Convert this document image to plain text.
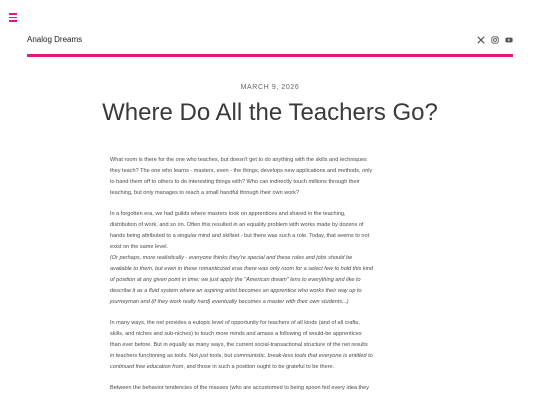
Analog Dreams
MARCH 9, 2026
Where Do All the Teachers Go?

What room is there for the one who teaches, but doesn't get to do anything with the skills and techniques
they teach? The one who learns - masters, even - the things, develops new applications and methods, only
to hand them off to others to do interesting things with? Who can indirectly touch millions through their
teaching, but only manages to reach a small handful through their own work?

In a forgotten era, we had guilds where masters took on apprentices and shared in the teaching,
distribution of work, and so on. Often this resulted in an equality problem with works made by dozens of
hands being attributed to a singular mind and skillset - but there was such a role. Today, that seems to not
exist on the same level.
(Or perhaps, more realistically - everyone thinks they're special and these roles and jobs should be
available to them, but even in these romanticized eras there was only room for a select few to hold this kind
of position at any given point in time; we just apply the "American dream" lens to everything and like to
describe it as a fluid system where an aspiring artist becomes an apprentice who works their way up to
journeyman and (if they work really hard) eventually becomes a master with their own students...)

In many ways, the net provides a eutopic level of opportunity for teachers of all kinds (and of all crafts,
skills, and niches and sub-niches) to touch more minds and amass a following of would-be apprentices
than ever before. But in equally as many ways, the current social-transactional structure of the net results
in teachers functioning as tools. Not just tools, but communistic, break-less tools that everyone is entitled to
continued free education from, and those in such a position ought to be grateful to be there.

Between the behavior tendencies of the masses (who are accustomed to being spoon fed every idea they
